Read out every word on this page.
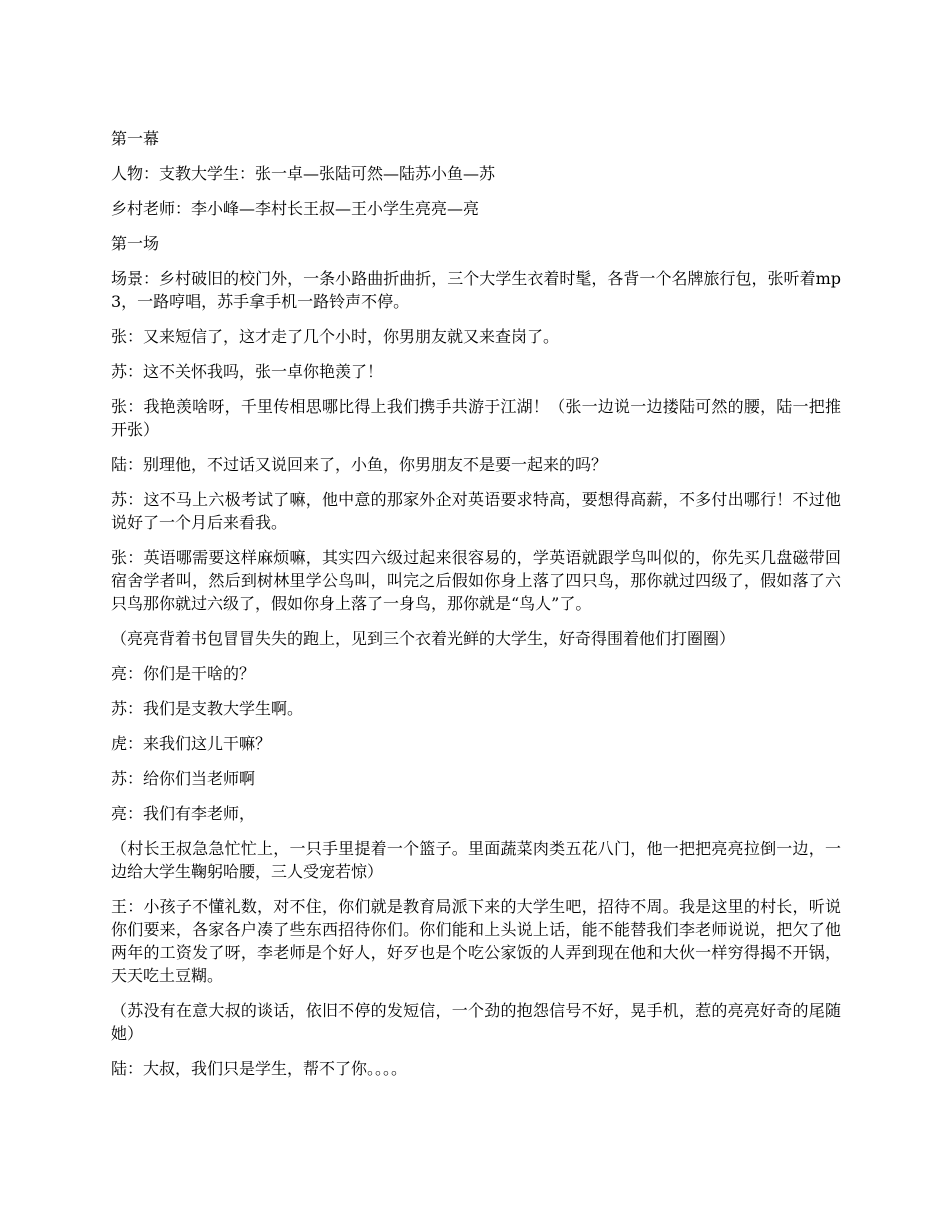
第一幕

人物：支教大学生：张一卓—张陆可然—陆苏小鱼—苏

乡村老师：李小峰—李村长王叔—王小学生亮亮—亮

第一场

场景：乡村破旧的校门外，一条小路曲折曲折，三个大学生衣着时髦，各背一个名牌旅行包，张听着mp3，一路哼唱，苏手拿手机一路铃声不停。

张：又来短信了，这才走了几个小时，你男朋友就又来查岗了。

苏：这不关怀我吗，张一卓你艳羡了！

张：我艳羡啥呀，千里传相思哪比得上我们携手共游于江湖！（张一边说一边搂陆可然的腰，陆一把推开张）

陆：别理他，不过话又说回来了，小鱼，你男朋友不是要一起来的吗？

苏：这不马上六极考试了嘛，他中意的那家外企对英语要求特高，要想得高薪，不多付出哪行！不过他说好了一个月后来看我。

张：英语哪需要这样麻烦嘛，其实四六级过起来很容易的，学英语就跟学鸟叫似的，你先买几盘磁带回宿舍学者叫，然后到树林里学公鸟叫，叫完之后假如你身上落了四只鸟，那你就过四级了，假如落了六只鸟那你就过六级了，假如你身上落了一身鸟，那你就是“鸟人”了。

（亮亮背着书包冒冒失失的跑上，见到三个衣着光鲜的大学生，好奇得围着他们打圈圈）

亮：你们是干啥的？

苏：我们是支教大学生啊。

虎：来我们这儿干嘛？

苏：给你们当老师啊

亮：我们有李老师，

（村长王叔急急忙忙上，一只手里提着一个篮子。里面蔬菜肉类五花八门，他一把把亮亮拉倒一边，一边给大学生鞠躬哈腰，三人受宠若惊）

王：小孩子不懂礼数，对不住，你们就是教育局派下来的大学生吧，招待不周。我是这里的村长，听说你们要来，各家各户凑了些东西招待你们。你们能和上头说上话，能不能替我们李老师说说，把欠了他两年的工资发了呀，李老师是个好人，好歹也是个吃公家饭的人弄到现在他和大伙一样穷得揭不开锅，天天吃土豆糊。

（苏没有在意大叔的谈话，依旧不停的发短信，一个劲的抱怨信号不好，晃手机，惹的亮亮好奇的尾随她）

陆：大叔，我们只是学生，帮不了你。。。。
